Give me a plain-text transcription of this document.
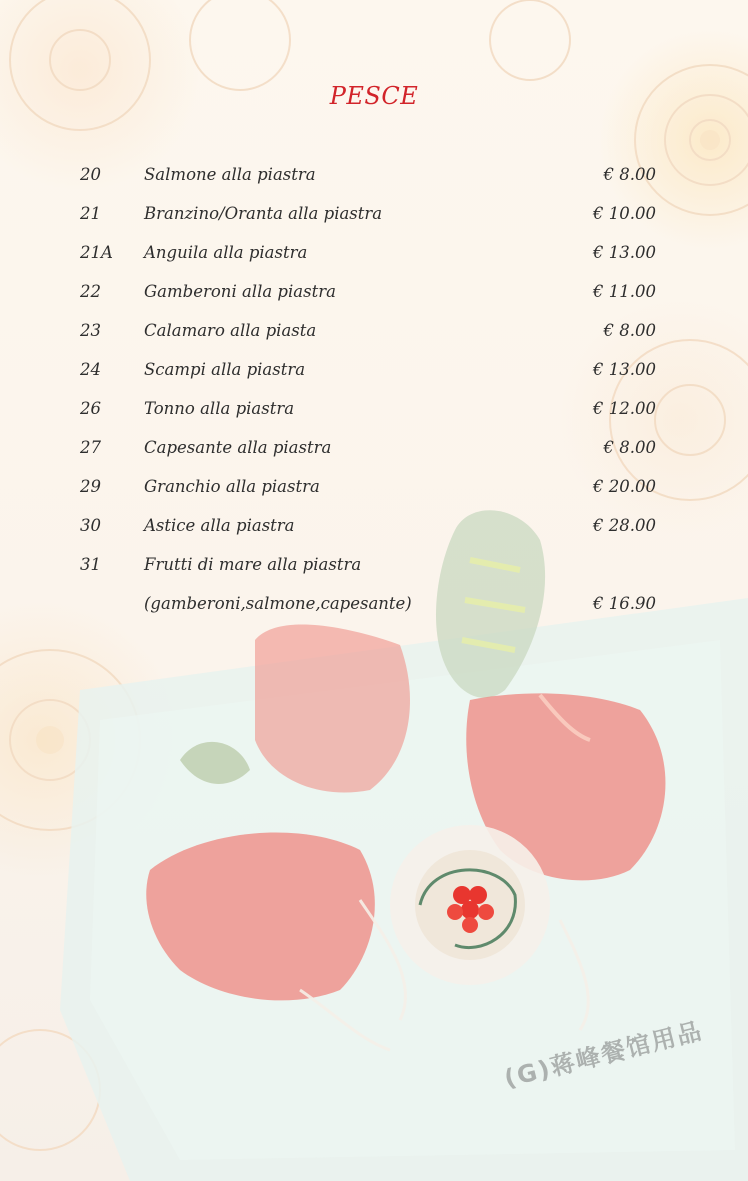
PESCE
20	Salmone alla piastra	€ 8.00
21	Branzino/Oranta alla piastra	€ 10.00
21A Anguila alla piastra	€ 13.00
22	Gamberoni alla piastra	€ 11.00
23	Calamaro alla piasta	€ 8.00
24	Scampi alla piastra	€ 13.00
26	Tonno alla piastra	€ 12.00
27	Capesante alla piastra	€ 8.00
29	Granchio alla piastra	€ 20.00
30	Astice alla piastra	€ 28.00
31	Frutti di mare alla piastra
(gamberoni,salmone,capesante)	€ 16.90
(G)蒋峰餐馆用品
